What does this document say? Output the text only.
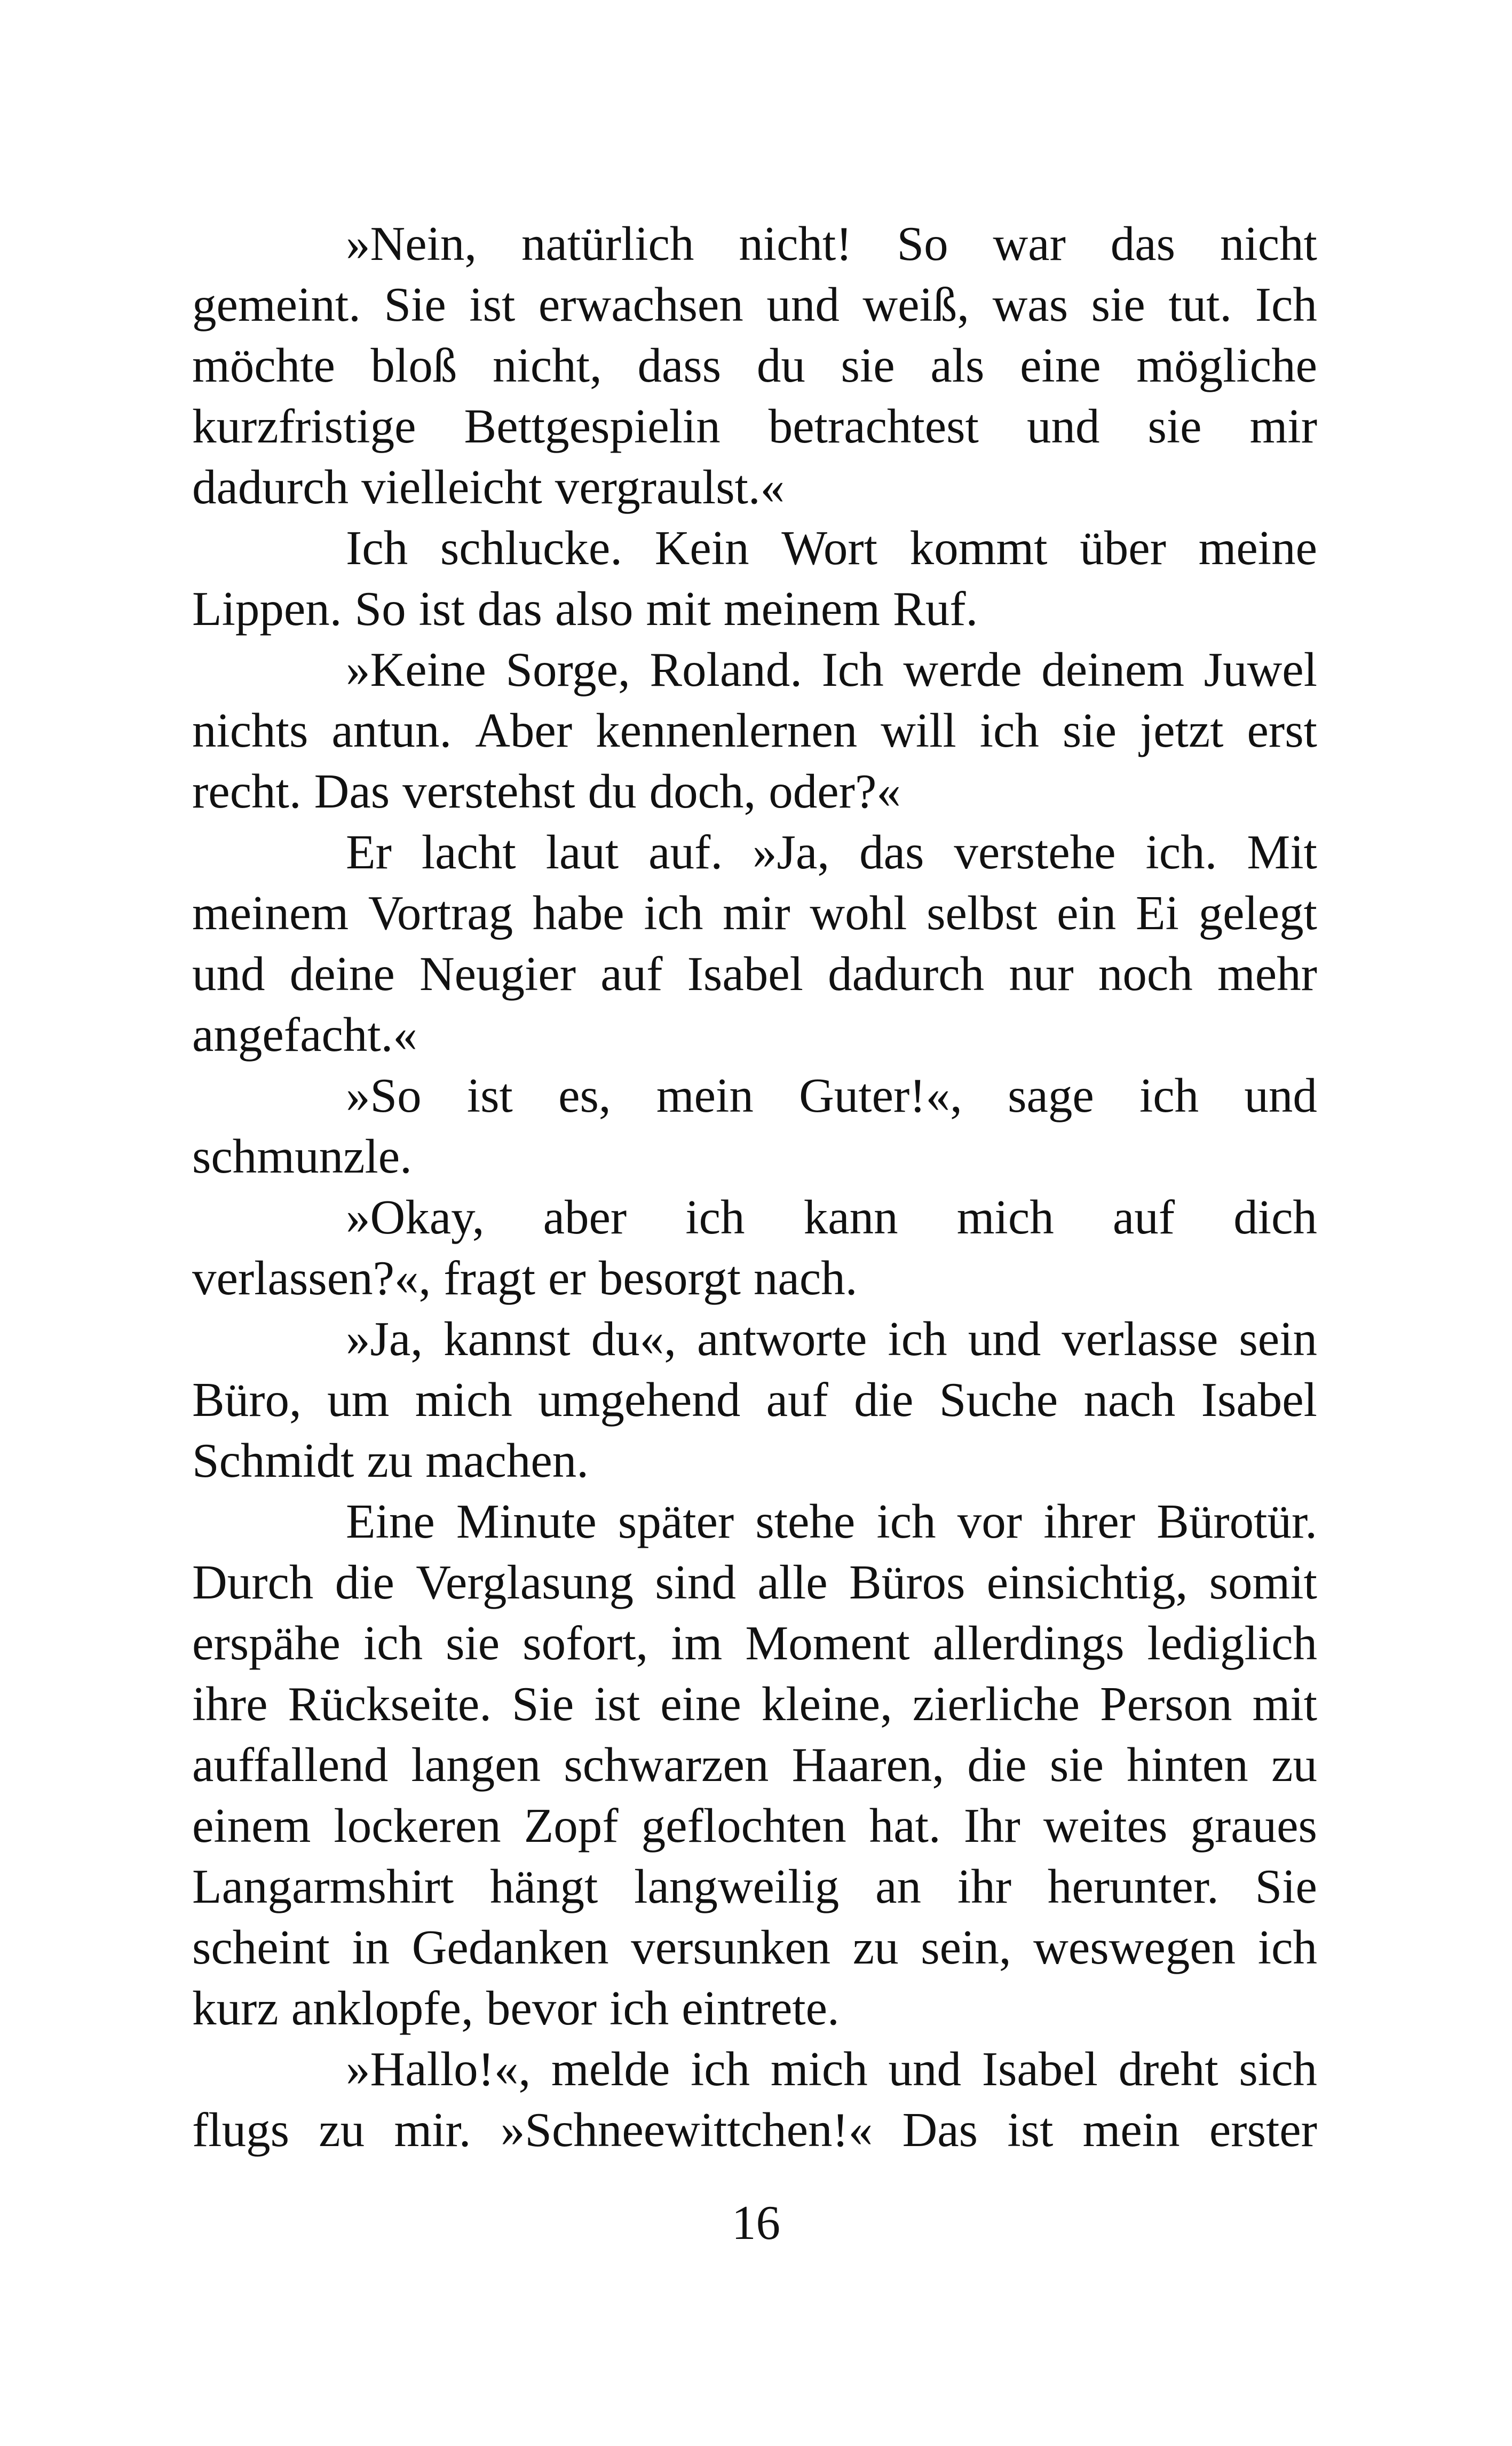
»Nein, natürlich nicht! So war das nicht
gemeint. Sie ist erwachsen und weiß, was sie tut. Ich
möchte bloß nicht, dass du sie als eine mögliche
kurzfristige Bettgespielin betrachtest und sie mir
dadurch vielleicht vergraulst.«
Ich schlucke. Kein Wort kommt über meine
Lippen. So ist das also mit meinem Ruf.
»Keine Sorge, Roland. Ich werde deinem Juwel
nichts antun. Aber kennenlernen will ich sie jetzt erst
recht. Das verstehst du doch, oder?«
Er lacht laut auf. »Ja, das verstehe ich. Mit
meinem Vortrag habe ich mir wohl selbst ein Ei gelegt
und deine Neugier auf Isabel dadurch nur noch mehr
angefacht.«
»So ist es, mein Guter!«, sage ich und
schmunzle.
»Okay, aber ich kann mich auf dich
verlassen?«, fragt er besorgt nach.
»Ja, kannst du«, antworte ich und verlasse sein
Büro, um mich umgehend auf die Suche nach Isabel
Schmidt zu machen.
Eine Minute später stehe ich vor ihrer Bürotür.
Durch die Verglasung sind alle Büros einsichtig, somit
erspähe ich sie sofort, im Moment allerdings lediglich
ihre Rückseite. Sie ist eine kleine, zierliche Person mit
auffallend langen schwarzen Haaren, die sie hinten zu
einem lockeren Zopf geflochten hat. Ihr weites graues
Langarmshirt hängt langweilig an ihr herunter. Sie
scheint in Gedanken versunken zu sein, weswegen ich
kurz anklopfe, bevor ich eintrete.
»Hallo!«, melde ich mich und Isabel dreht sich
flugs zu mir. »Schneewittchen!« Das ist mein erster
16
